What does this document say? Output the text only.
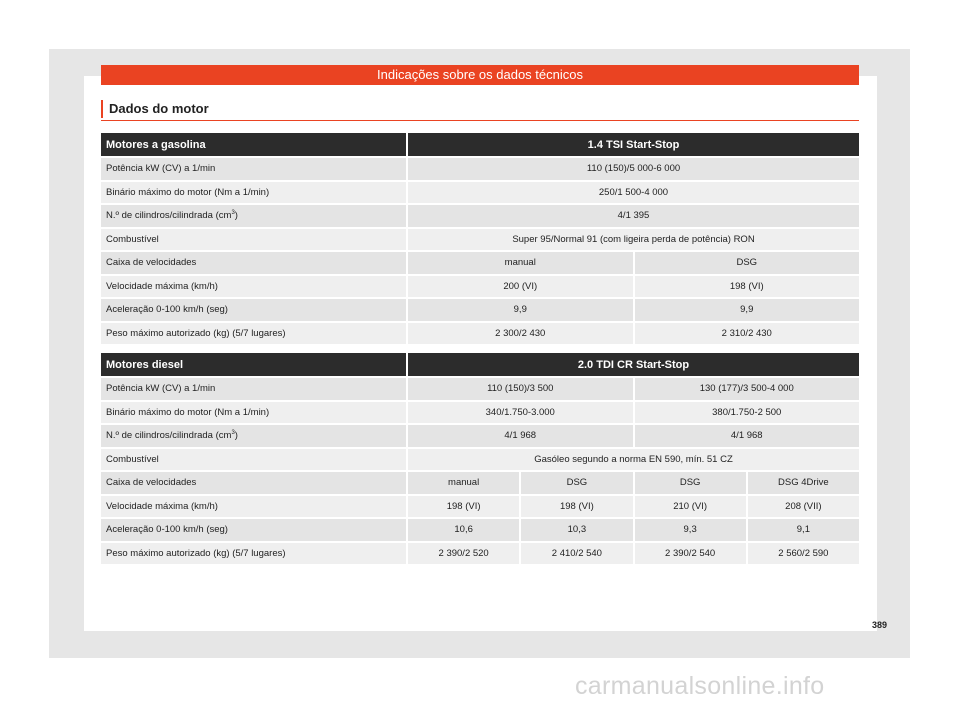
Indicações sobre os dados técnicos
Dados do motor
Motores a gasolina	1.4 TSI Start-Stop	
Potência kW (CV) a 1/min	110 (150)/5 000-6 000	
Binário máximo do motor (Nm a 1/min)	250/1 500-4 000	
N.º de cilindros/cilindrada $(cm^3)$	4/1 395	
Combustível	Super 95/Normal 91 (com ligeira perda de potência) RON	
Caixa de velocidades	manual	DSG
Velocidade máxima (km/h)	200 (VI)	198 (VI)
Aceleração 0-100 km/h (seg)	9,9	9,9
Peso máximo autorizado (kg) (5/7 lugares)	2 300/2 430	2 310/2 430
Motores diesel	2.0 TDI CR Start-Stop			
Potência kW (CV) a 1/min	110 (150)/3 500		130 (177)/3 500-4 000	
Binário máximo do motor (Nm a 1/min)	340/1.750-3.000		380/1.750-2 500	
N.º de cilindros/cilindrada $(cm^3)$	4/1 968		4/1 968	
Combustível	Gasóleo segundo a norma EN 590, mín. 51 CZ			
Caixa de velocidades	manual	DSG	DSG	DSG 4Drive
Velocidade máxima (km/h)	198 (VI)	198 (VI)	210 (VI)	208 (VII)
Aceleração 0-100 km/h (seg)	10,6	10,3	9,3	9,1
Peso máximo autorizado (kg) (5/7 lugares)	2 390/2 520	2 410/2 540	2 390/2 540	2 560/2 590
389
carmanualsonline.info
